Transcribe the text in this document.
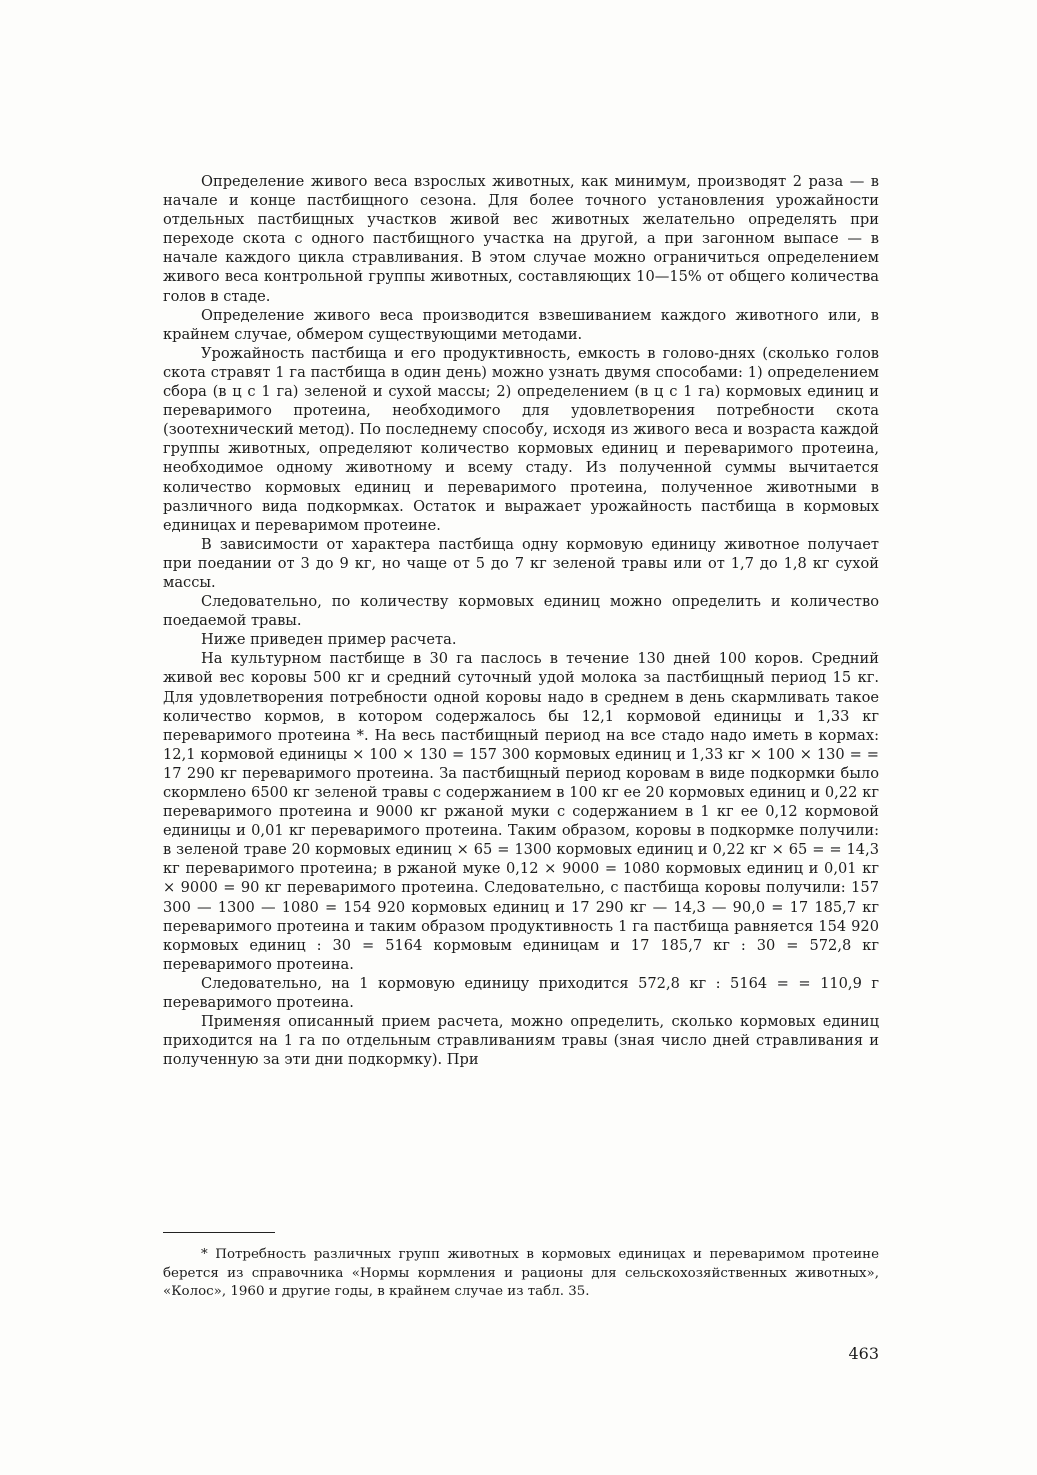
Определение живого веса взрослых животных, как минимум, производят 2 раза — в начале и конце пастбищного сезона. Для более точного установления урожайности отдельных пастбищных участков живой вес животных желательно определять при переходе скота с одного пастбищного участка на другой, а при загонном выпасе — в начале каждого цикла стравливания. В этом случае можно ограничиться определением живого веса контрольной группы животных, составляющих 10—15% от общего количества голов в стаде.

Определение живого веса производится взвешиванием каждого животного или, в крайнем случае, обмером существующими методами.

Урожайность пастбища и его продуктивность, емкость в голово-днях (сколько голов скота стравят 1 га пастбища в один день) можно узнать двумя способами: 1) определением сбора (в ц с 1 га) зеленой и сухой массы; 2) определением (в ц с 1 га) кормовых единиц и переваримого протеина, необходимого для удовлетворения потребности скота (зоотехнический метод). По последнему способу, исходя из живого веса и возраста каждой группы животных, определяют количество кормовых единиц и переваримого протеина, необходимое одному животному и всему стаду. Из полученной суммы вычитается количество кормовых единиц и переваримого протеина, полученное животными в различного вида подкормках. Остаток и выражает урожайность пастбища в кормовых единицах и переваримом протеине.

В зависимости от характера пастбища одну кормовую единицу животное получает при поедании от 3 до 9 кг, но чаще от 5 до 7 кг зеленой травы или от 1,7 до 1,8 кг сухой массы.

Следовательно, по количеству кормовых единиц можно определить и количество поедаемой травы.

Ниже приведен пример расчета.

На культурном пастбище в 30 га паслось в течение 130 дней 100 коров. Средний живой вес коровы 500 кг и средний суточный удой молока за пастбищный период 15 кг. Для удовлетворения потребности одной коровы надо в среднем в день скармливать такое количество кормов, в котором содержалось бы 12,1 кормовой единицы и 1,33 кг переваримого протеина *. На весь пастбищный период на все стадо надо иметь в кормах: 12,1 кормовой единицы × 100 × 130 = 157 300 кормовых единиц и 1,33 кг × 100 × 130 = = 17 290 кг переваримого протеина. За пастбищный период коровам в виде подкормки было скормлено 6500 кг зеленой травы с содержанием в 100 кг ее 20 кормовых единиц и 0,22 кг переваримого протеина и 9000 кг ржаной муки с содержанием в 1 кг ее 0,12 кормовой единицы и 0,01 кг переваримого протеина. Таким образом, коровы в подкормке получили: в зеленой траве 20 кормовых единиц × 65 = 1300 кормовых единиц и 0,22 кг × 65 = = 14,3 кг переваримого протеина; в ржаной муке 0,12 × 9000 = 1080 кормовых единиц и 0,01 кг × 9000 = 90 кг переваримого протеина. Следовательно, с пастбища коровы получили: 157 300 — 1300 — 1080 = 154 920 кормовых единиц и 17 290 кг — 14,3 — 90,0 = 17 185,7 кг переваримого протеина и таким образом продуктивность 1 га пастбища равняется 154 920 кормовых единиц : 30 = 5164 кормовым единицам и 17 185,7 кг : 30 = 572,8 кг переваримого протеина.

Следовательно, на 1 кормовую единицу приходится 572,8 кг : 5164 = = 110,9 г переваримого протеина.

Применяя описанный прием расчета, можно определить, сколько кормовых единиц приходится на 1 га по отдельным стравливаниям травы (зная число дней стравливания и полученную за эти дни подкормку). При

* Потребность различных групп животных в кормовых единицах и переваримом протеине берется из справочника «Нормы кормления и рационы для сельскохозяйственных животных», «Колос», 1960 и другие годы, в крайнем случае из табл. 35.

463
